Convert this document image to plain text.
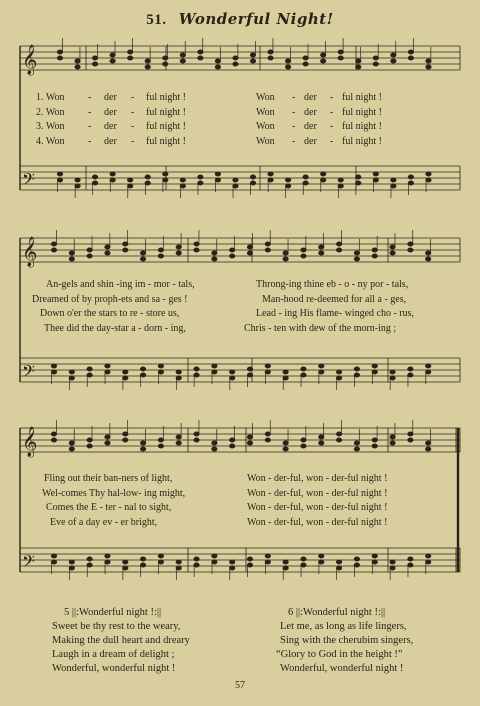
51. Wonderful Night!
𝄞
𝄢
𝄞
𝄢
𝄞
𝄢
1. Won - der - ful night !	Won - der - ful night !
2. Won - der - ful night !	Won - der - ful night !
3. Won - der - ful night !	Won - der - ful night !
4. Won - der - ful night !	Won - der - ful night !
An-gels and shin -ing im - mor - tals,	Throng-ing thine eb - o - ny por - tals,
Dreamed of by proph-ets and sa - ges !	Man-hood re-deemed for all a - ges,
Down o'er the stars to re - store us,	Lead - ing His flame- winged cho - rus,
Thee did the day-star a - dorn - ing,	Chris - ten with dew of the morn-ing ;
Fling out their ban-ners of light,	Won - der-ful, won - der-ful night !
Wel-comes Thy hal-low- ing might,	Won - der-ful, won - der-ful night !
Comes the E - ter - nal to sight,	Won - der-ful, won - der-ful night !
Eve of a day ev - er bright,	Won - der-ful, won - der-ful night !
5 ||:Wonderful night !:||
Sweet be thy rest to the weary,
Making the dull heart and dreary
Laugh in a dream of delight ;
Wonderful, wonderful night !
6 ||:Wonderful night !:||
Let me, as long as life lingers,
Sing with the cherubim singers,
“Glory to God in the height !”
Wonderful, wonderful night !
57
